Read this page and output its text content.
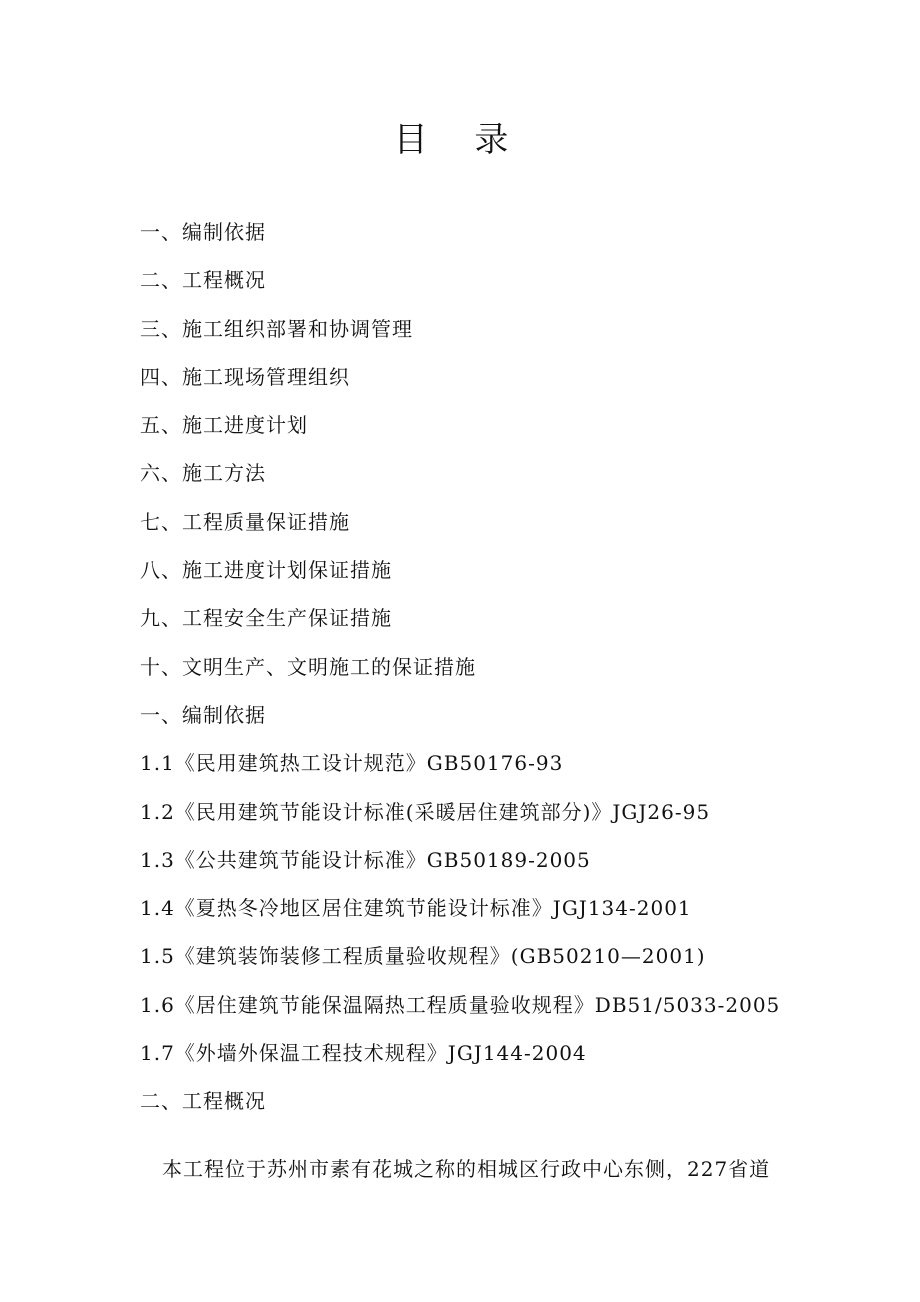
目 录
一、编制依据
二、工程概况
三、施工组织部署和协调管理
四、施工现场管理组织
五、施工进度计划
六、施工方法
七、工程质量保证措施
八、施工进度计划保证措施
九、工程安全生产保证措施
十、文明生产、文明施工的保证措施
一、编制依据
1.1《民用建筑热工设计规范》GB50176-93
1.2《民用建筑节能设计标准(采暖居住建筑部分)》JGJ26-95
1.3《公共建筑节能设计标准》GB50189-2005
1.4《夏热冬冷地区居住建筑节能设计标准》JGJ134-2001
1.5《建筑装饰装修工程质量验收规程》(GB50210—2001)
1.6《居住建筑节能保温隔热工程质量验收规程》DB51/5033-2005
1.7《外墙外保温工程技术规程》JGJ144-2004
二、工程概况

本工程位于苏州市素有花城之称的相城区行政中心东侧，227省道
